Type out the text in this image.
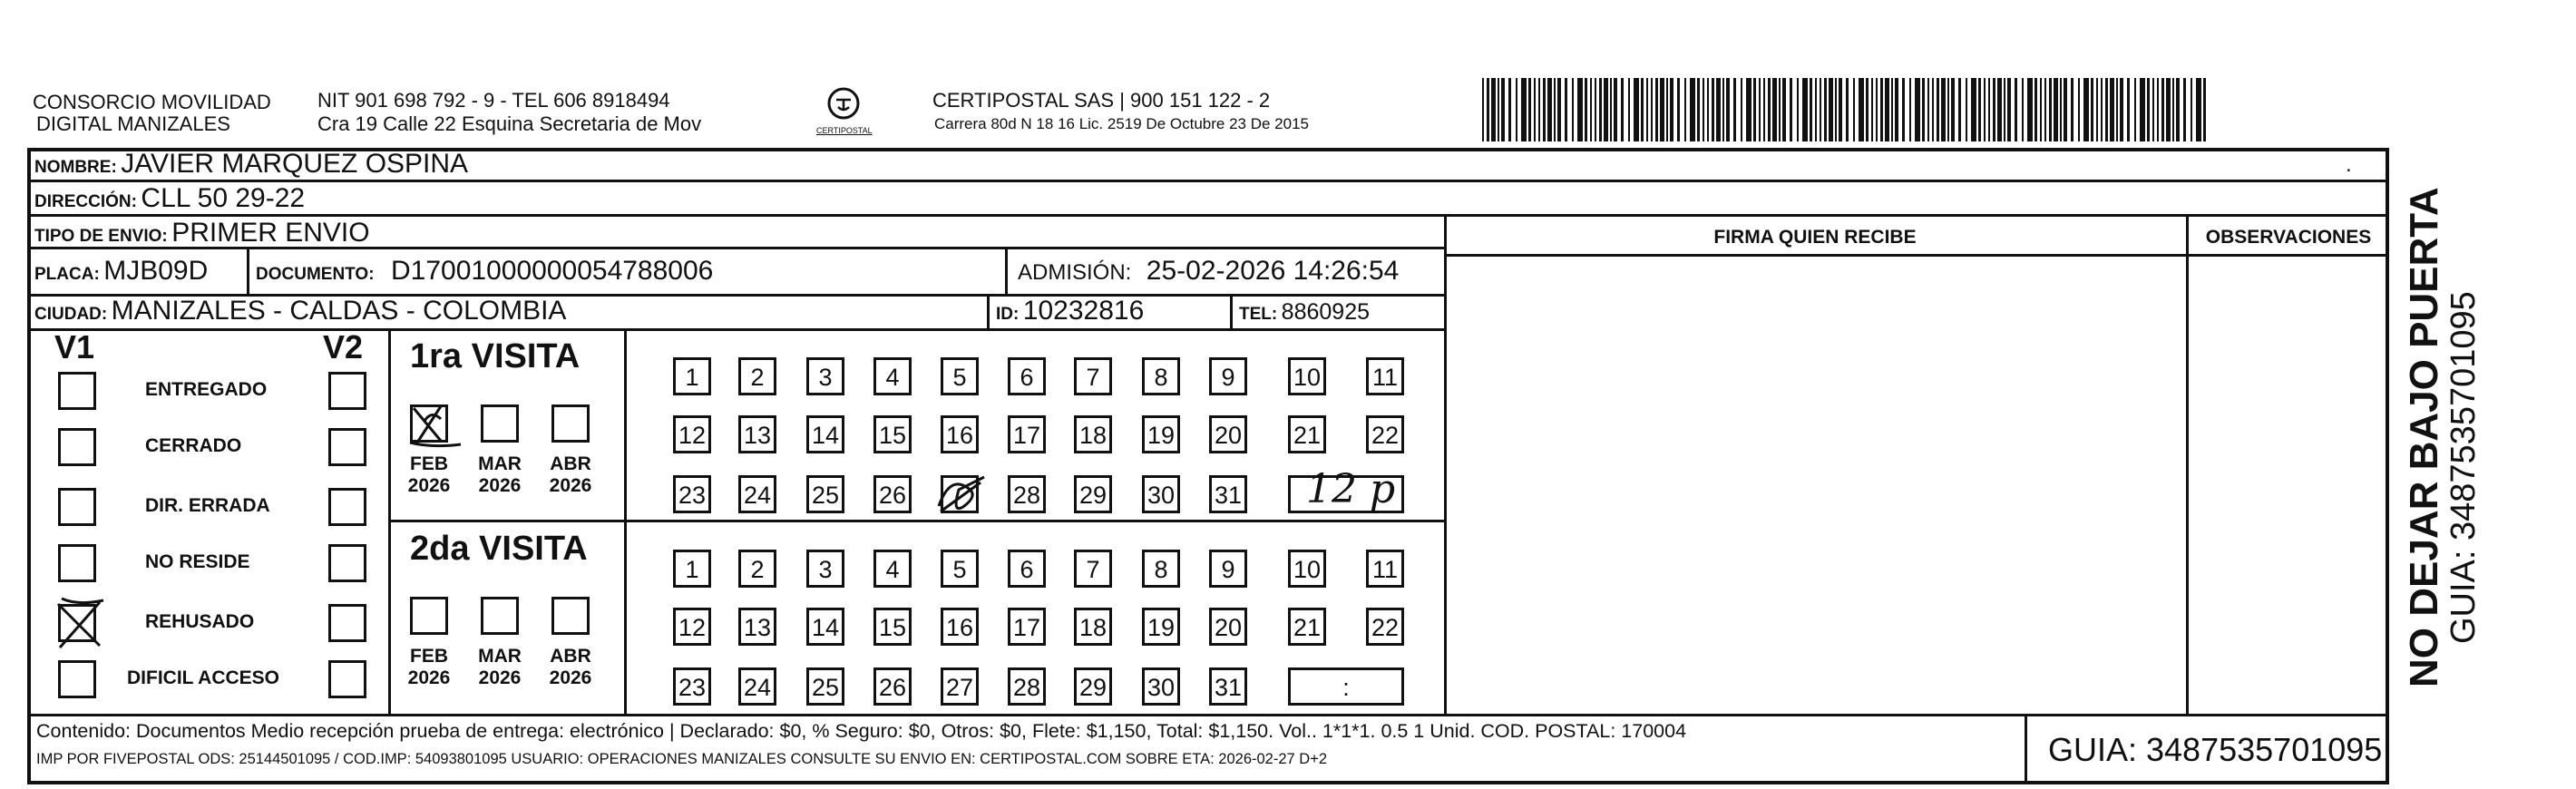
CONSORCIO MOVILIDAD
DIGITAL MANIZALES
NIT 901 698 792 - 9 - TEL 606 8918494
Cra 19 Calle 22 Esquina Secretaria de Mov	CERTIPOSTAL
CERTIPOSTAL SAS | 900 151 122 - 2
Carrera 80d N 18 16 Lic. 2519 De Octubre 23 De 2015
NOMBRE: JAVIER MARQUEZ OSPINA	.
DIRECCIÓN: CLL 50 29-22
TIPO DE ENVIO: PRIMER ENVIO
PLACA: MJB09D	DOCUMENTO: D17001000000054788006	ADMISIÓN: 25-02-2026 14:26:54
CIUDAD: MANIZALES - CALDAS - COLOMBIA	ID: 10232816	TEL: 8860925
FIRMA QUIEN RECIBE	OBSERVACIONES
V1	V2
ENTREGADO
CERRADO
DIR. ERRADA
NO RESIDE
REHUSADO
DIFICIL ACCESO
1ra VISITA
2da VISITA
FEB
2026
MAR
2026
ABR
2026
1	2	3	4	5	6	7	8	9	10 11
12 13 14 15 16 17 18 19 20 21 22
23 24 25 26	28 29 30 31
FEB
2026
MAR
2026
ABR
2026
1	2	3	4	5	6	7	8	9	10 11
12 13 14 15 16 17 18 19 20 21 22
23 24 25 26 27 28 29 30 31	:
12 p
Contenido: Documentos Medio recepción prueba de entrega: electrónico | Declarado: $0, % Seguro: $0, Otros: $0, Flete: $1,150, Total: $1,150. Vol.. 1*1*1. 0.5 1 Unid. COD. POSTAL: 170004
IMP POR FIVEPOSTAL ODS: 25144501095 / COD.IMP: 54093801095 USUARIO: OPERACIONES MANIZALES CONSULTE SU ENVIO EN: CERTIPOSTAL.COM SOBRE ETA: 2026-02-27 D+2	GUIA: 3487535701095
NO DEJAR BAJO PUERTA
GUIA: 3487535701095
